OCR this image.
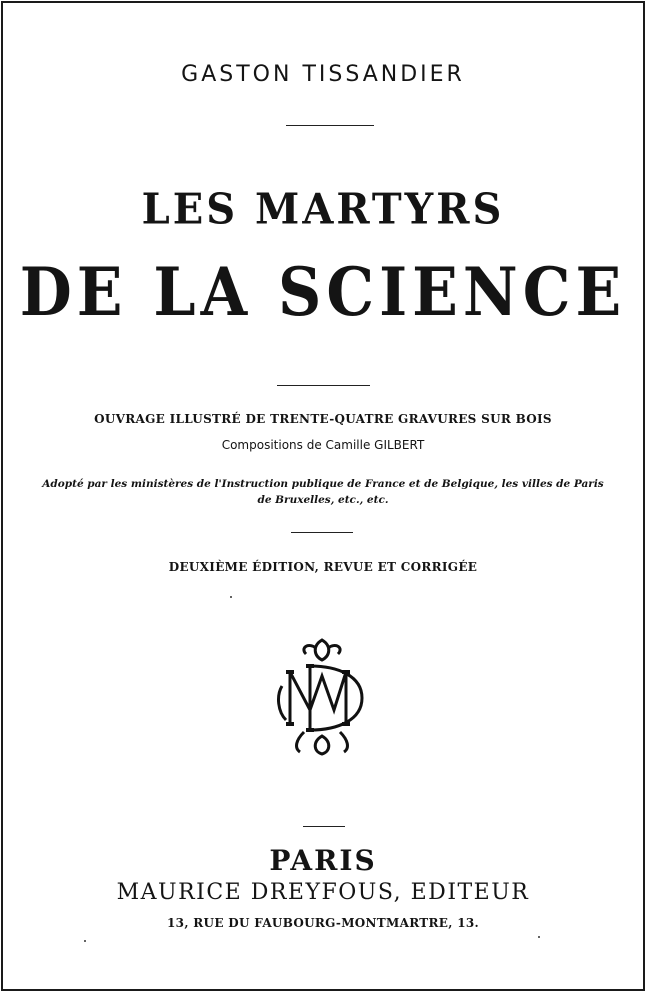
GASTON TISSANDIER
LES MARTYRS
DE LA SCIENCE
OUVRAGE ILLUSTRÉ DE TRENTE-QUATRE GRAVURES SUR BOIS
Compositions de Camille GILBERT
Adopté par les ministères de l'Instruction publique de France et de Belgique, les villes de Paris
de Bruxelles, etc., etc.
DEUXIÈME ÉDITION, REVUE ET CORRIGÉE
PARIS
MAURICE DREYFOUS, EDITEUR
13, RUE DU FAUBOURG-MONTMARTRE, 13.
